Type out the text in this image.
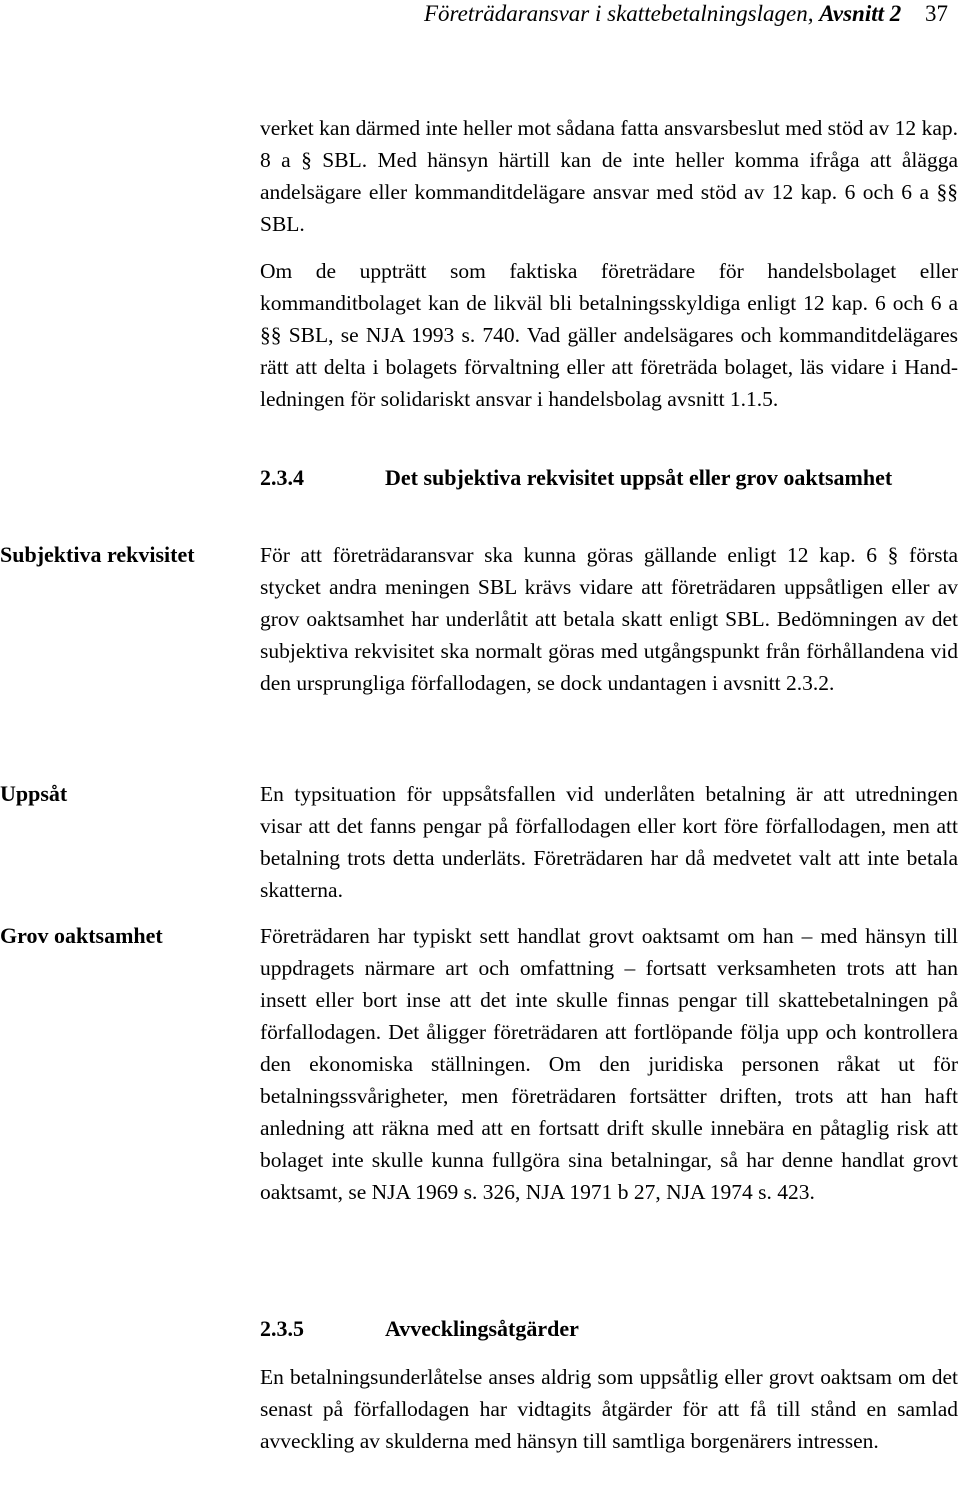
Företrädaransvar i skattebetalningslagen, Avsnitt 2 37

verket kan därmed inte heller mot sådana fatta ansvarsbeslut med stöd av 12 kap. 8 a § SBL. Med hänsyn härtill kan de inte heller komma ifråga att ålägga andelsägare eller kommanditdelägare ansvar med stöd av 12 kap. 6 och 6 a §§ SBL.

Om de uppträtt som faktiska företrädare för handelsbolaget eller kommanditbolaget kan de likväl bli betalningsskyldiga enligt 12 kap. 6 och 6 a §§ SBL, se NJA 1993 s. 740. Vad gäller andelsägares och kommanditdelägares rätt att delta i bolagets förvaltning eller att företräda bolaget, läs vidare i Handledningen för solidariskt ansvar i handelsbolag avsnitt 1.1.5.

2.3.4	Det subjektiva rekvisitet uppsåt eller grov oaktsamhet

Subjektiva rekvisitet	För att företrädaransvar ska kunna göras gällande enligt 12 kap. 6 § första stycket andra meningen SBL krävs vidare att företrädaren uppsåtligen eller av grov oaktsamhet har underlåtit att betala skatt enligt SBL. Bedömningen av det subjektiva rekvisitet ska normalt göras med utgångspunkt från förhållandena vid den ursprungliga förfallodagen, se dock undantagen i avsnitt 2.3.2.

Uppsåt	En typsituation för uppsåtsfallen vid underlåten betalning är att utredningen visar att det fanns pengar på förfallodagen eller kort före förfallodagen, men att betalning trots detta underläts. Företrädaren har då medvetet valt att inte betala skatterna.

Grov oaktsamhet	Företrädaren har typiskt sett handlat grovt oaktsamt om han – med hänsyn till uppdragets närmare art och omfattning – fortsatt verksamheten trots att han insett eller bort inse att det inte skulle finnas pengar till skattebetalningen på förfallodagen. Det åligger företrädaren att fortlöpande följa upp och kontrollera den ekonomiska ställningen. Om den juridiska personen råkat ut för betalningssvårigheter, men företrädaren fortsätter driften, trots att han haft anledning att räkna med att en fortsatt drift skulle innebära en påtaglig risk att bolaget inte skulle kunna fullgöra sina betalningar, så har denne handlat grovt oaktsamt, se NJA 1969 s. 326, NJA 1971 b 27, NJA 1974 s. 423.

2.3.5	Avvecklingsåtgärder

En betalningsunderlåtelse anses aldrig som uppsåtlig eller grovt oaktsam om det senast på förfallodagen har vidtagits åtgärder för att få till stånd en samlad avveckling av skulderna med hänsyn till samtliga borgenärers intressen.
